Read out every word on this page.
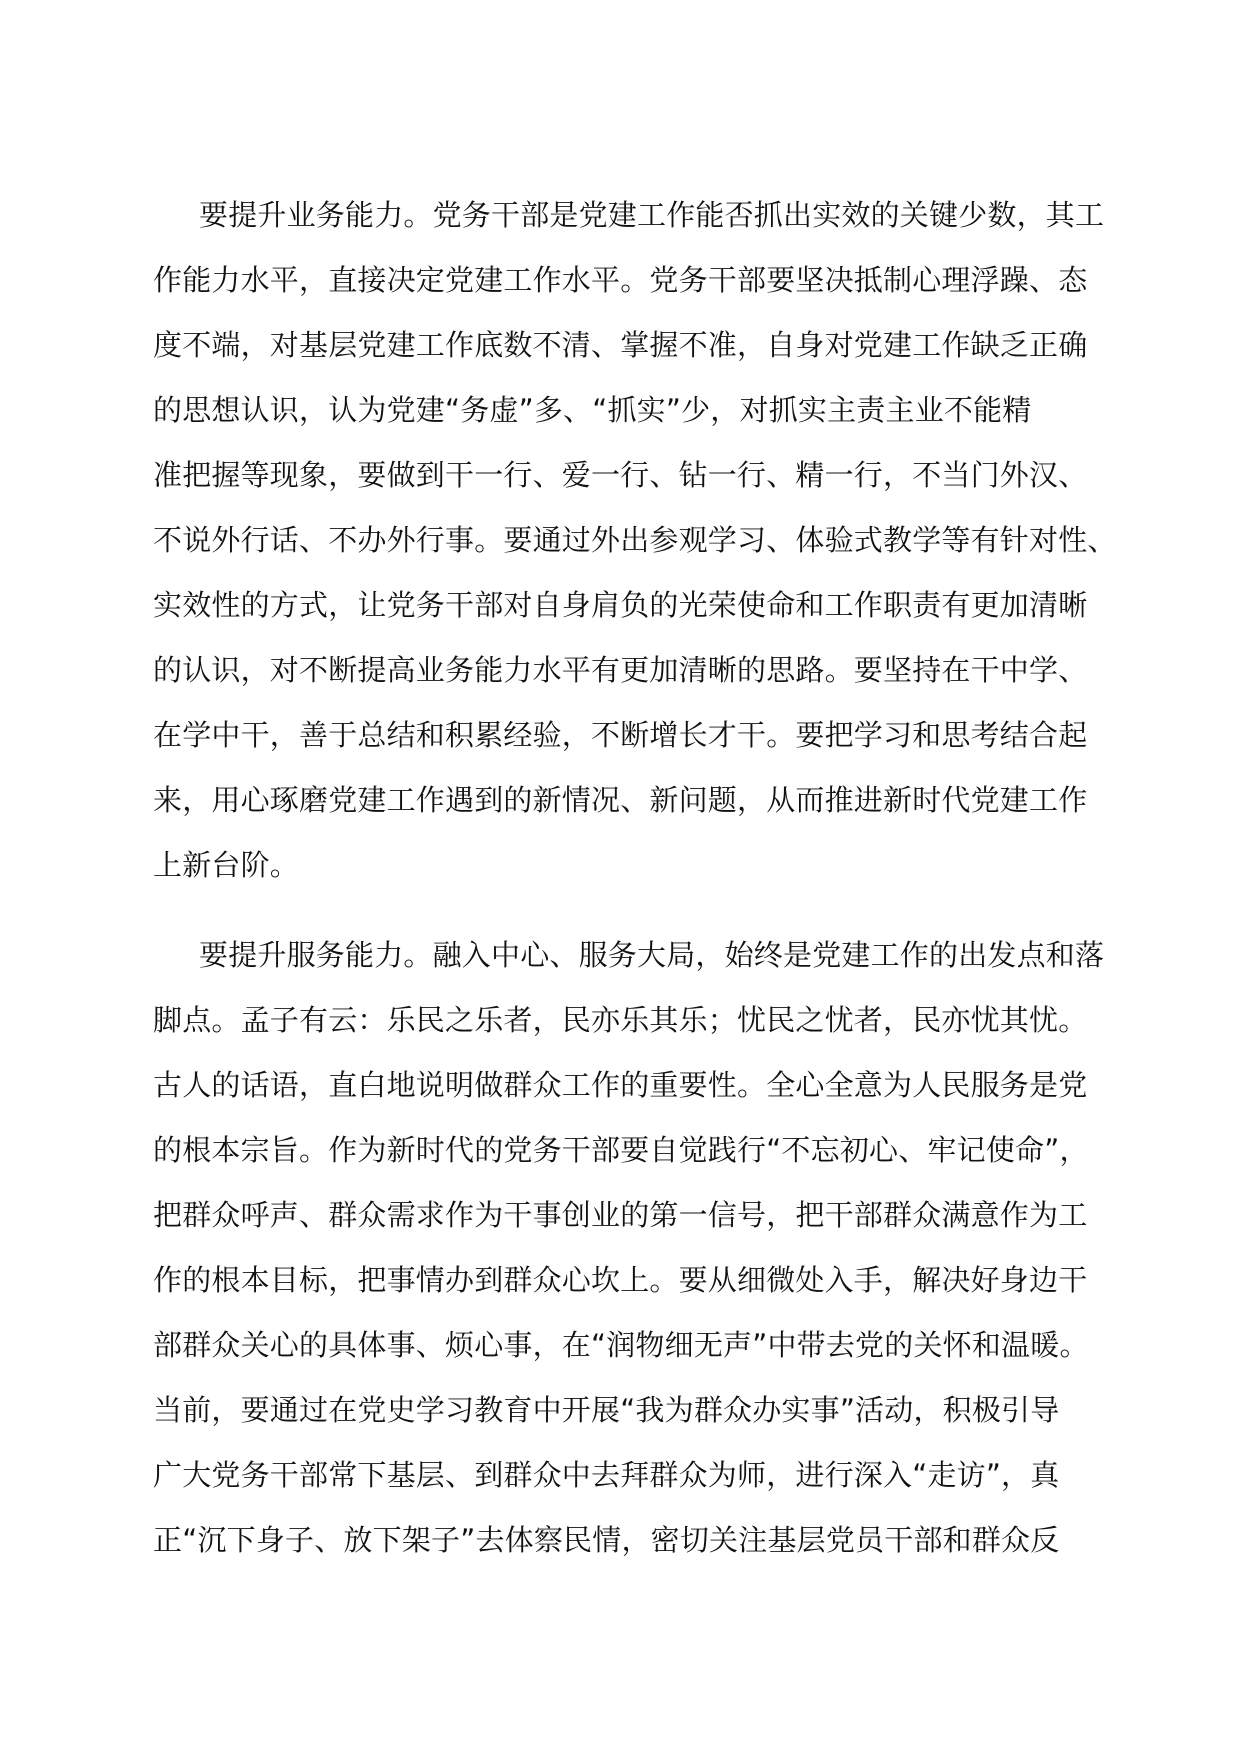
要提升业务能力。党务干部是党建工作能否抓出实效的关键少数，其工
作能力水平，直接决定党建工作水平。党务干部要坚决抵制心理浮躁、态
度不端，对基层党建工作底数不清、掌握不准，自身对党建工作缺乏正确
的思想认识，认为党建“务虚”多、“抓实”少，对抓实主责主业不能精
准把握等现象，要做到干一行、爱一行、钻一行、精一行，不当门外汉、
不说外行话、不办外行事。要通过外出参观学习、体验式教学等有针对性、
实效性的方式，让党务干部对自身肩负的光荣使命和工作职责有更加清晰
的认识，对不断提高业务能力水平有更加清晰的思路。要坚持在干中学、
在学中干，善于总结和积累经验，不断增长才干。要把学习和思考结合起
来，用心琢磨党建工作遇到的新情况、新问题，从而推进新时代党建工作
上新台阶。
要提升服务能力。融入中心、服务大局，始终是党建工作的出发点和落
脚点。孟子有云：乐民之乐者，民亦乐其乐；忧民之忧者，民亦忧其忧。
古人的话语，直白地说明做群众工作的重要性。全心全意为人民服务是党
的根本宗旨。作为新时代的党务干部要自觉践行“不忘初心、牢记使命”，
把群众呼声、群众需求作为干事创业的第一信号，把干部群众满意作为工
作的根本目标，把事情办到群众心坎上。要从细微处入手，解决好身边干
部群众关心的具体事、烦心事，在“润物细无声”中带去党的关怀和温暖。
当前，要通过在党史学习教育中开展“我为群众办实事”活动，积极引导
广大党务干部常下基层、到群众中去拜群众为师，进行深入“走访”，真
正“沉下身子、放下架子”去体察民情，密切关注基层党员干部和群众反
